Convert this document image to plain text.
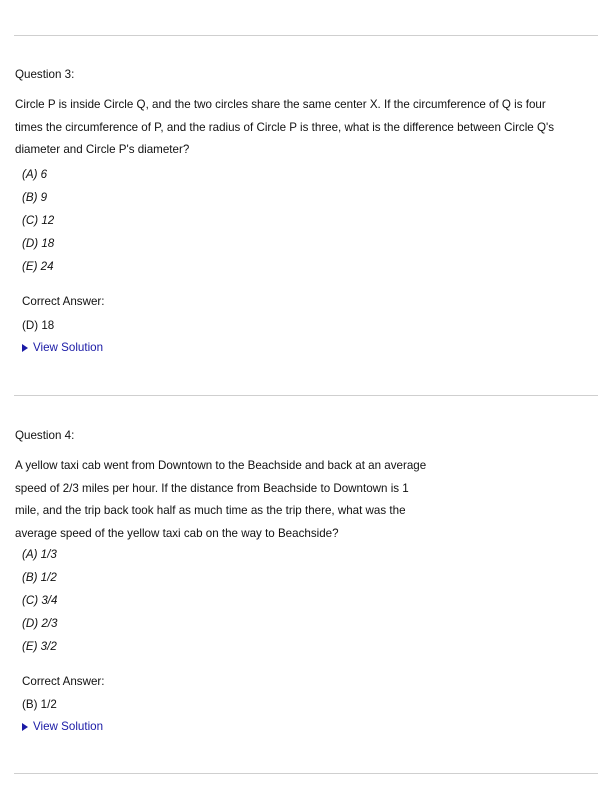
Question 3:
Circle P is inside Circle Q, and the two circles share the same center X. If the circumference of Q is four
times the circumference of P, and the radius of Circle P is three, what is the difference between Circle Q's
diameter and Circle P's diameter?
(A) 6
(B) 9
(C) 12
(D) 18
(E) 24
Correct Answer:
(D) 18
View Solution
Question 4:
A yellow taxi cab went from Downtown to the Beachside and back at an average
speed of 2/3 miles per hour. If the distance from Beachside to Downtown is 1
mile, and the trip back took half as much time as the trip there, what was the
average speed of the yellow taxi cab on the way to Beachside?
(A) 1/3
(B) 1/2
(C) 3/4
(D) 2/3
(E) 3/2
Correct Answer:
(B) 1/2
View Solution
